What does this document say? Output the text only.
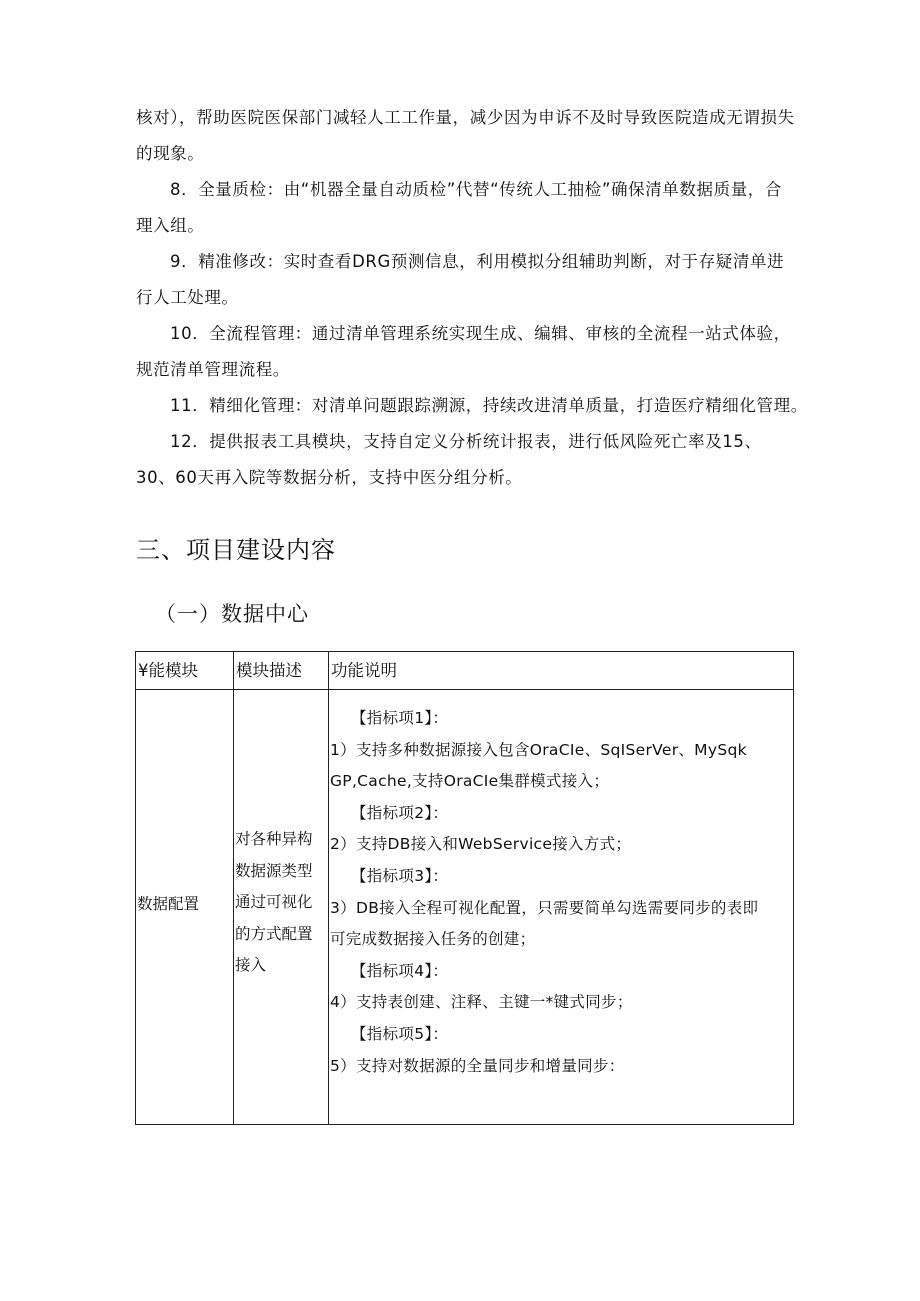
核对），帮助医院医保部门减轻人工工作量，减少因为申诉不及时导致医院造成无谓损失的现象。

8．全量质检：由“机器全量自动质检”代替“传统人工抽检”确保清单数据质量，合理入组。

9．精准修改：实时查看DRG预测信息，利用模拟分组辅助判断，对于存疑清单进行人工处理。

10．全流程管理：通过清单管理系统实现生成、编辑、审核的全流程一站式体验，规范清单管理流程。

11．精细化管理：对清单问题跟踪溯源，持续改进清单质量，打造医疗精细化管理。

12．提供报表工具模块，支持自定义分析统计报表，进行低风险死亡率及15、30、60天再入院等数据分析，支持中医分组分析。

三、项目建设内容
（一）数据中心
¥能模块	模块描述	功能说明
数据配置
对各种异构
数据源类型
通过可视化
的方式配置
接入

【指标项1】：

1）支持多种数据源接入包含OraCIe、SqISerVer、MySqk

GP,Cache,支持OraCIe集群模式接入；

【指标项2】：

2）支持DB接入和WebService接入方式；

【指标项3】：

3）DB接入全程可视化配置，只需要简单勾选需要同步的表即

可完成数据接入任务的创建；

【指标项4】：

4）支持表创建、注释、主键一*键式同步；

【指标项5】：

5）支持对数据源的全量同步和增量同步：
